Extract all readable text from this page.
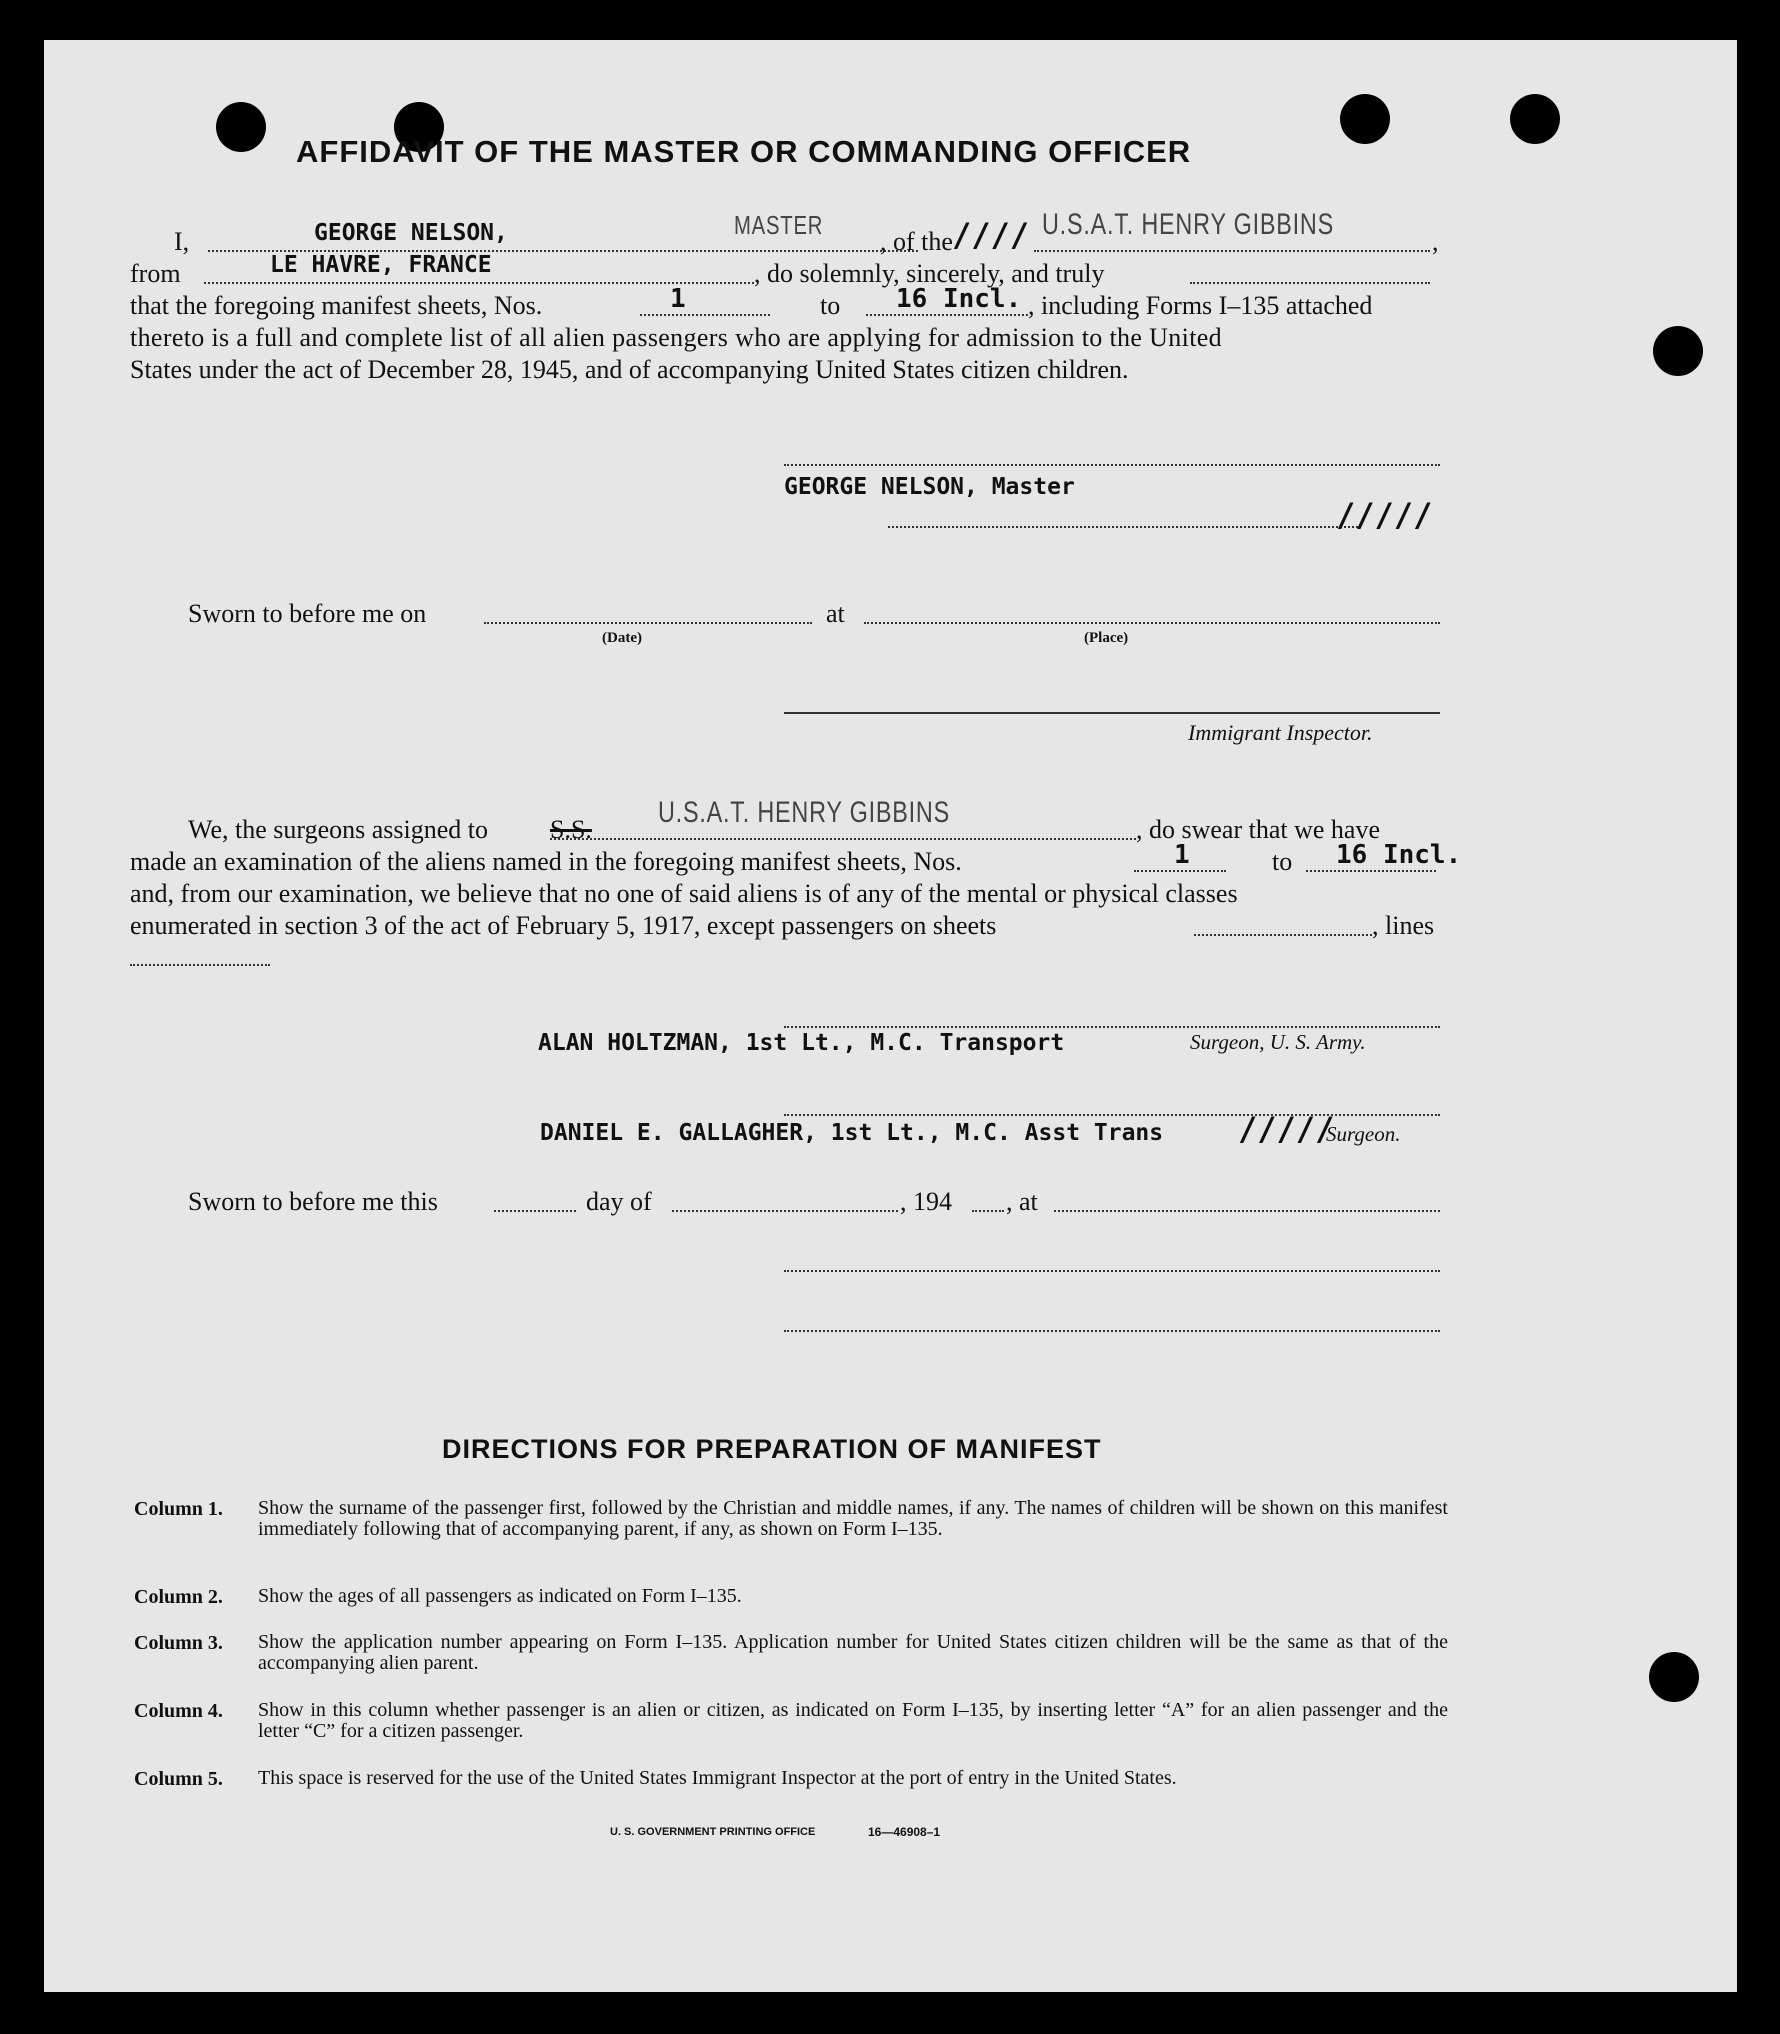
AFFIDAVIT OF THE MASTER OR COMMANDING OFFICER
I,	GEORGE NELSON,	MASTER
, of the //// U.S.A.T. HENRY GIBBINS
,
from	LE HAVRE, FRANCE	, do solemnly, sincerely, and truly
that the foregoing manifest sheets, Nos.	1	to 16 Incl. , including Forms I–135 attached
thereto is a full and complete list of all alien passengers who are applying for admission to the United
States under the act of December 28, 1945, and of accompanying United States citizen children.
GEORGE NELSON, Master
/////
Sworn to before me on
(Date)
at
(Place)
Immigrant Inspector.
We, the surgeons assigned to S.S.
U.S.A.T. HENRY GIBBINS
, do swear that we have
made an examination of the aliens named in the foregoing manifest sheets, Nos.	1	to 16 Incl.
and, from our examination, we believe that no one of said aliens is of any of the mental or physical classes
enumerated in section 3 of the act of February 5, 1917, except passengers on sheets	, lines
ALAN HOLTZMAN, 1st Lt., M.C. Transport	Surgeon, U. S. Army.
DANIEL E. GALLAGHER, 1st Lt., M.C. Asst Trans /////
Surgeon.
Sworn to before me this	day of	, 194 , at
DIRECTIONS FOR PREPARATION OF MANIFEST
Column 1. Show the surname of the passenger first, followed by the Christian and middle names, if any. The names of children will be shown on this manifest immediately following that of accompanying parent, if any, as shown on Form I–135.
Column 2. Show the ages of all passengers as indicated on Form I–135.
Column 3. Show the application number appearing on Form I–135. Application number for United States citizen children will be the same as that of the accompanying alien parent.
Column 4. Show in this column whether passenger is an alien or citizen, as indicated on Form I–135, by inserting letter “A” for an alien passenger and the letter “C” for a citizen passenger.
Column 5. This space is reserved for the use of the United States Immigrant Inspector at the port of entry in the United States.
U. S. GOVERNMENT PRINTING OFFICE	16—46908–1
